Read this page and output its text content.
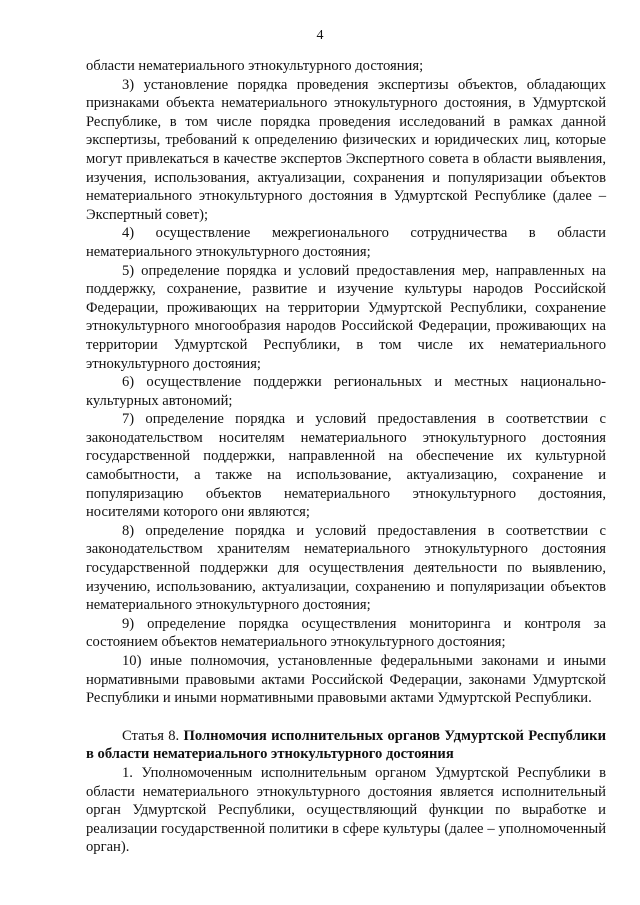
4

области нематериального этнокультурного достояния;

3) установление порядка проведения экспертизы объектов, обладающих признаками объекта нематериального этнокультурного достояния, в Удмуртской Республике, в том числе порядка проведения исследований в рамках данной экспертизы, требований к определению физических и юридических лиц, которые могут привлекаться в качестве экспертов Экспертного совета в области выявления, изучения, использования, актуализации, сохранения и популяризации объектов нематериального этнокультурного достояния в Удмуртской Республике (далее – Экспертный совет);

4) осуществление межрегионального сотрудничества в области нематериального этнокультурного достояния;

5) определение порядка и условий предоставления мер, направленных на поддержку, сохранение, развитие и изучение культуры народов Российской Федерации, проживающих на территории Удмуртской Республики, сохранение этнокультурного многообразия народов Российской Федерации, проживающих на территории Удмуртской Республики, в том числе их нематериального этнокультурного достояния;

6) осуществление поддержки региональных и местных национально-культурных автономий;

7) определение порядка и условий предоставления в соответствии с законодательством носителям нематериального этнокультурного достояния государственной поддержки, направленной на обеспечение их культурной самобытности, а также на использование, актуализацию, сохранение и популяризацию объектов нематериального этнокультурного достояния, носителями которого они являются;

8) определение порядка и условий предоставления в соответствии с законодательством хранителям нематериального этнокультурного достояния государственной поддержки для осуществления деятельности по выявлению, изучению, использованию, актуализации, сохранению и популяризации объектов нематериального этнокультурного достояния;

9) определение порядка осуществления мониторинга и контроля за состоянием объектов нематериального этнокультурного достояния;

10) иные полномочия, установленные федеральными законами и иными нормативными правовыми актами Российской Федерации, законами Удмуртской Республики и иными нормативными правовыми актами Удмуртской Республики.

Статья 8. Полномочия исполнительных органов Удмуртской Республики в области нематериального этнокультурного достояния

1. Уполномоченным исполнительным органом Удмуртской Республики в области нематериального этнокультурного достояния является исполнительный орган Удмуртской Республики, осуществляющий функции по выработке и реализации государственной политики в сфере культуры (далее – уполномоченный орган).
